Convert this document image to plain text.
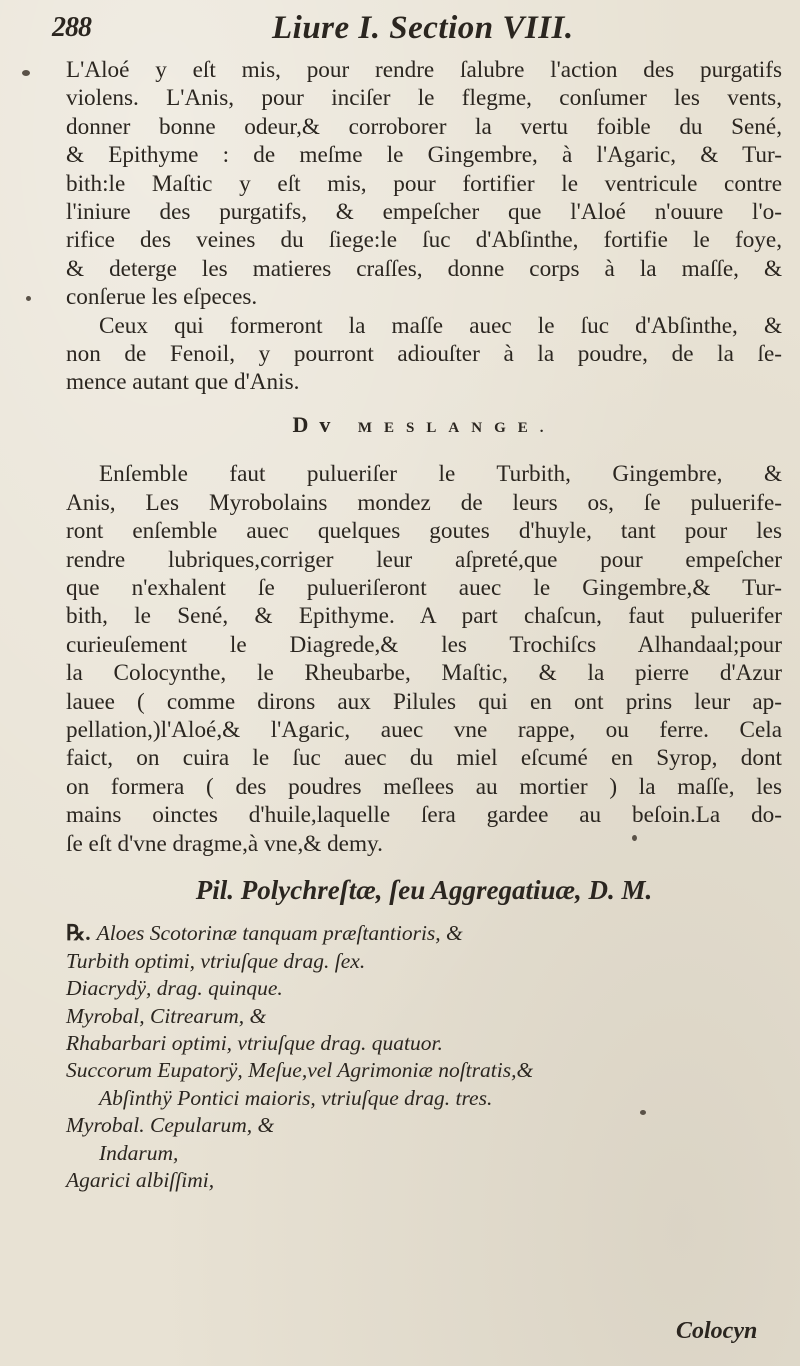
288	Liure I. Section VIII.

L'Aloé y eſt mis, pour rendre ſalubre l'action des purgatifs
violens. L'Anis, pour inciſer le flegme, conſumer les vents,
donner bonne odeur,& corroborer la vertu foible du Sené,
& Epithyme : de meſme le Gingembre, à l'Agaric, & Tur-
bith:le Maſtic y eſt mis, pour fortifier le ventricule contre
l'iniure des purgatifs, & empeſcher que l'Aloé n'ouure l'o-
rifice des veines du ſiege:le ſuc d'Abſinthe, fortifie le foye,
& deterge les matieres craſſes, donne corps à la maſſe, &
conſerue les eſpeces.

Ceux qui formeront la maſſe auec le ſuc d'Abſinthe, &
non de Fenoil, y pourront adiouſter à la poudre, de la ſe-
mence autant que d'Anis.

Dv MESLANGE.

Enſemble faut pulueriſer le Turbith, Gingembre, &
Anis, Les Myrobolains mondez de leurs os, ſe puluerife-
ront enſemble auec quelques goutes d'huyle, tant pour les
rendre lubriques,corriger leur aſpreté,que pour empeſcher
que n'exhalent ſe pulueriſeront auec le Gingembre,& Tur-
bith, le Sené, & Epithyme. A part chaſcun, faut puluerifer
curieuſement le Diagrede,& les Trochiſcs Alhandaal;pour
la Colocynthe, le Rheubarbe, Maſtic, & la pierre d'Azur
lauee ( comme dirons aux Pilules qui en ont prins leur ap-
pellation,)l'Aloé,& l'Agaric, auec vne rappe, ou ferre. Cela
faict, on cuira le ſuc auec du miel eſcumé en Syrop, dont
on formera ( des poudres meſlees au mortier ) la maſſe, les
mains oinctes d'huile,laquelle ſera gardee au beſoin.La do-
ſe eſt d'vne dragme,à vne,& demy.

Pil. Polychreſtæ, ſeu Aggregatiuæ, D. M.
℞. Aloes Scotorinæ tanquam præſtantioris, &
Turbith optimi, vtriuſque drag. ſex.
Diacrydÿ, drag. quinque.
Myrobal, Citrearum, &
Rhabarbari optimi, vtriuſque drag. quatuor.
Succorum Eupatorÿ, Meſue,vel Agrimoniæ noſtratis,&
Abſinthÿ Pontici maioris, vtriuſque drag. tres.
Myrobal. Cepularum, &
Indarum,
Agarici albiſſimi,
Colocyn
